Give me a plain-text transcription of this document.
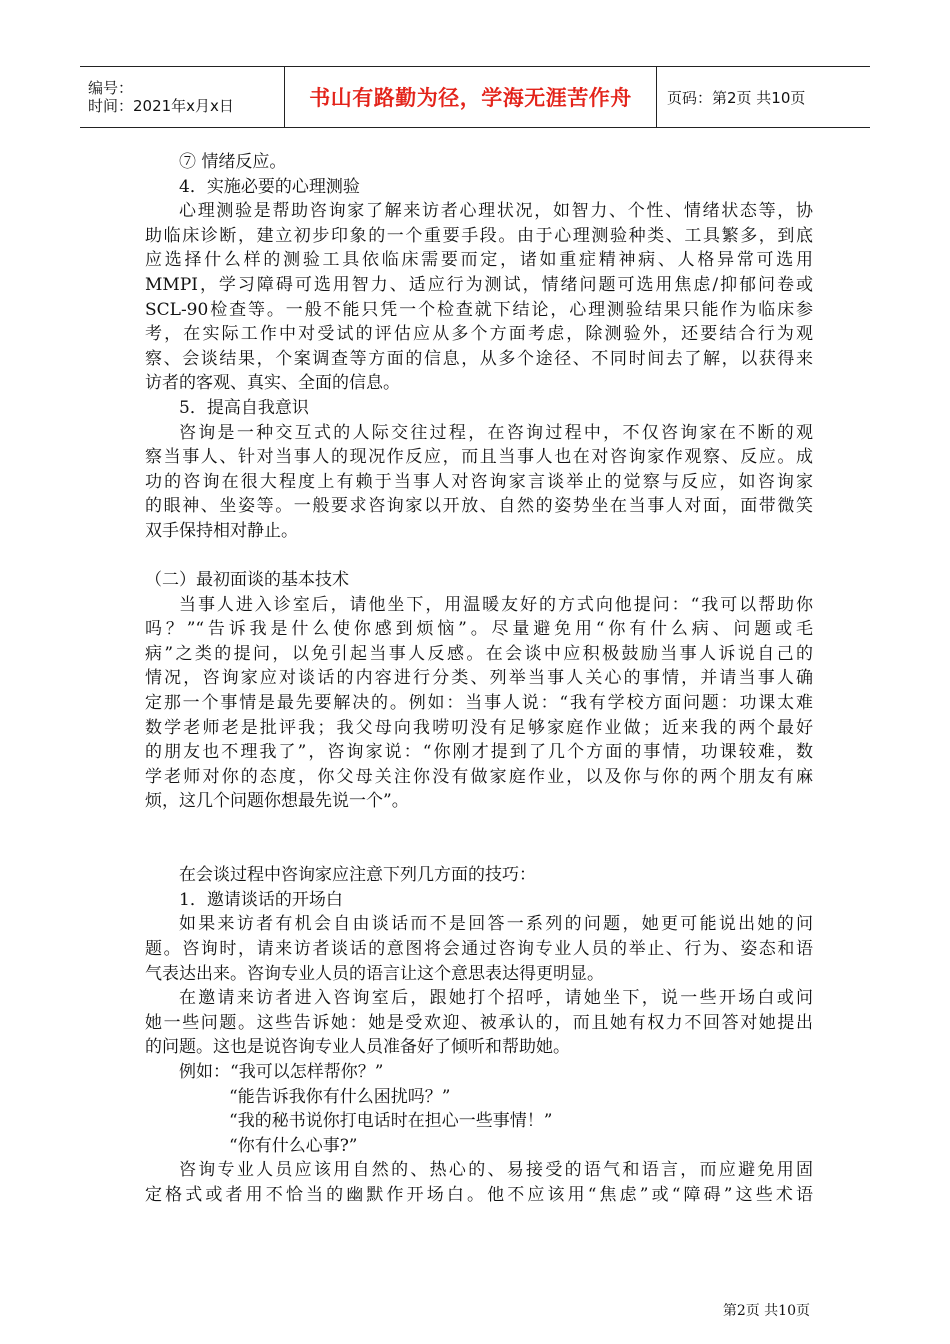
编号：
时间：2021年x月x日	书山有路勤为径，学海无涯苦作舟 页码：第2页 共10页
⑦ 情绪反应。
4．实施必要的心理测验
心理测验是帮助咨询家了解来访者心理状况，如智力、个性、情绪状态等，协
助临床诊断，建立初步印象的一个重要手段。由于心理测验种类、工具繁多，到底
应选择什么样的测验工具依临床需要而定，诸如重症精神病、人格异常可选用
MMPI，学习障碍可选用智力、适应行为测试，情绪问题可选用焦虑/抑郁问卷或
SCL-90检查等。一般不能只凭一个检查就下结论，心理测验结果只能作为临床参
考，在实际工作中对受试的评估应从多个方面考虑，除测验外，还要结合行为观
察、会谈结果，个案调查等方面的信息，从多个途径、不同时间去了解，以获得来
访者的客观、真实、全面的信息。
5．提高自我意识
咨询是一种交互式的人际交往过程，在咨询过程中，不仅咨询家在不断的观
察当事人、针对当事人的现况作反应，而且当事人也在对咨询家作观察、反应。成
功的咨询在很大程度上有赖于当事人对咨询家言谈举止的觉察与反应，如咨询家
的眼神、坐姿等。一般要求咨询家以开放、自然的姿势坐在当事人对面，面带微笑
双手保持相对静止。
（二）最初面谈的基本技术
当事人进入诊室后，请他坐下，用温暖友好的方式向他提问：“我可以帮助你
吗？”“告诉我是什么使你感到烦恼”。尽量避免用“你有什么病、问题或毛
病”之类的提问，以免引起当事人反感。在会谈中应积极鼓励当事人诉说自己的
情况，咨询家应对谈话的内容进行分类、列举当事人关心的事情，并请当事人确
定那一个事情是最先要解决的。例如：当事人说：“我有学校方面问题：功课太难
数学老师老是批评我；我父母向我唠叨没有足够家庭作业做；近来我的两个最好
的朋友也不理我了”，咨询家说：“你刚才提到了几个方面的事情，功课较难，数
学老师对你的态度，你父母关注你没有做家庭作业，以及你与你的两个朋友有麻
烦，这几个问题你想最先说一个”。
在会谈过程中咨询家应注意下列几方面的技巧：
1．邀请谈话的开场白
如果来访者有机会自由谈话而不是回答一系列的问题，她更可能说出她的问
题。咨询时，请来访者谈话的意图将会通过咨询专业人员的举止、行为、姿态和语
气表达出来。咨询专业人员的语言让这个意思表达得更明显。
在邀请来访者进入咨询室后，跟她打个招呼，请她坐下，说一些开场白或问
她一些问题。这些告诉她：她是受欢迎、被承认的，而且她有权力不回答对她提出
的问题。这也是说咨询专业人员准备好了倾听和帮助她。
例如：“我可以怎样帮你？”
“能告诉我你有什么困扰吗？”
“我的秘书说你打电话时在担心一些事情！”
“你有什么心事?”
咨询专业人员应该用自然的、热心的、易接受的语气和语言，而应避免用固
定格式或者用不恰当的幽默作开场白。他不应该用“焦虑”或“障碍”这些术语
第2页 共10页
